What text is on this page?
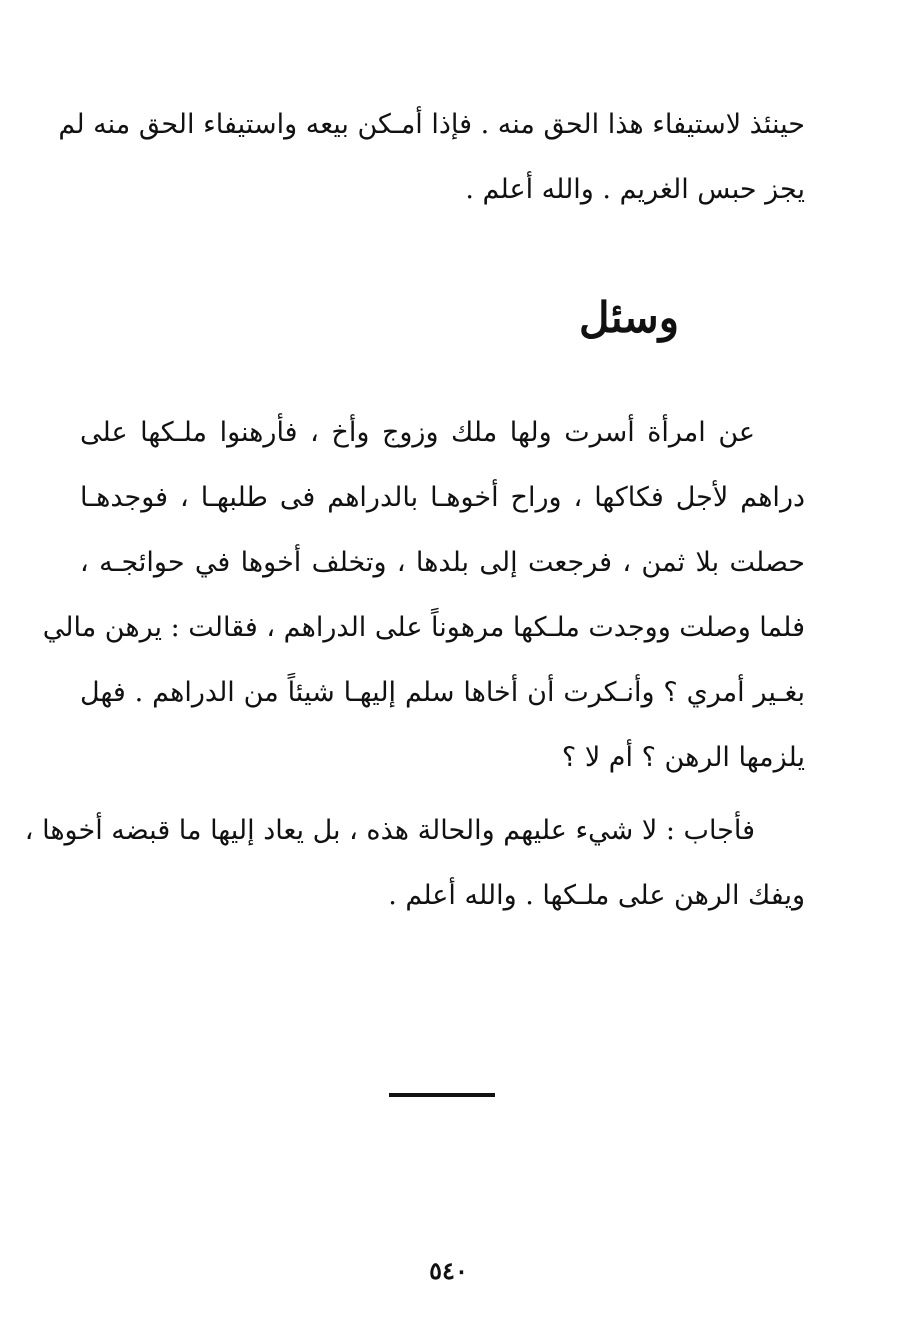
حينئذ لاستيفاء هذا الحق منه . فإذا أمـكن بيعه واستيفاء الحق منه لم
يجز حبس الغريم . والله أعلم .
وسئل
عن امرأة أسرت ولها ملك وزوج وأخ ، فأرهنوا ملـكها على
دراهم لأجل فكاكها ، وراح أخوهـا بالدراهم فى طلبهـا ، فوجدهـا
حصلت بلا ثمن ، فرجعت إلى بلدها ، وتخلف أخوها في حوائجـه ،
فلما وصلت ووجدت ملـكها مرهوناً على الدراهم ، فقالت : يرهن مالي
بغـير أمري ؟ وأنـكرت أن أخاها سلم إليهـا شيئاً من الدراهم . فهل
يلزمها الرهن ؟ أم لا ؟
فأجاب : لا شيء عليهم والحالة هذه ، بل يعاد إليها ما قبضه أخوها ،
ويفك الرهن على ملـكها . والله أعلم .
٥٤٠
